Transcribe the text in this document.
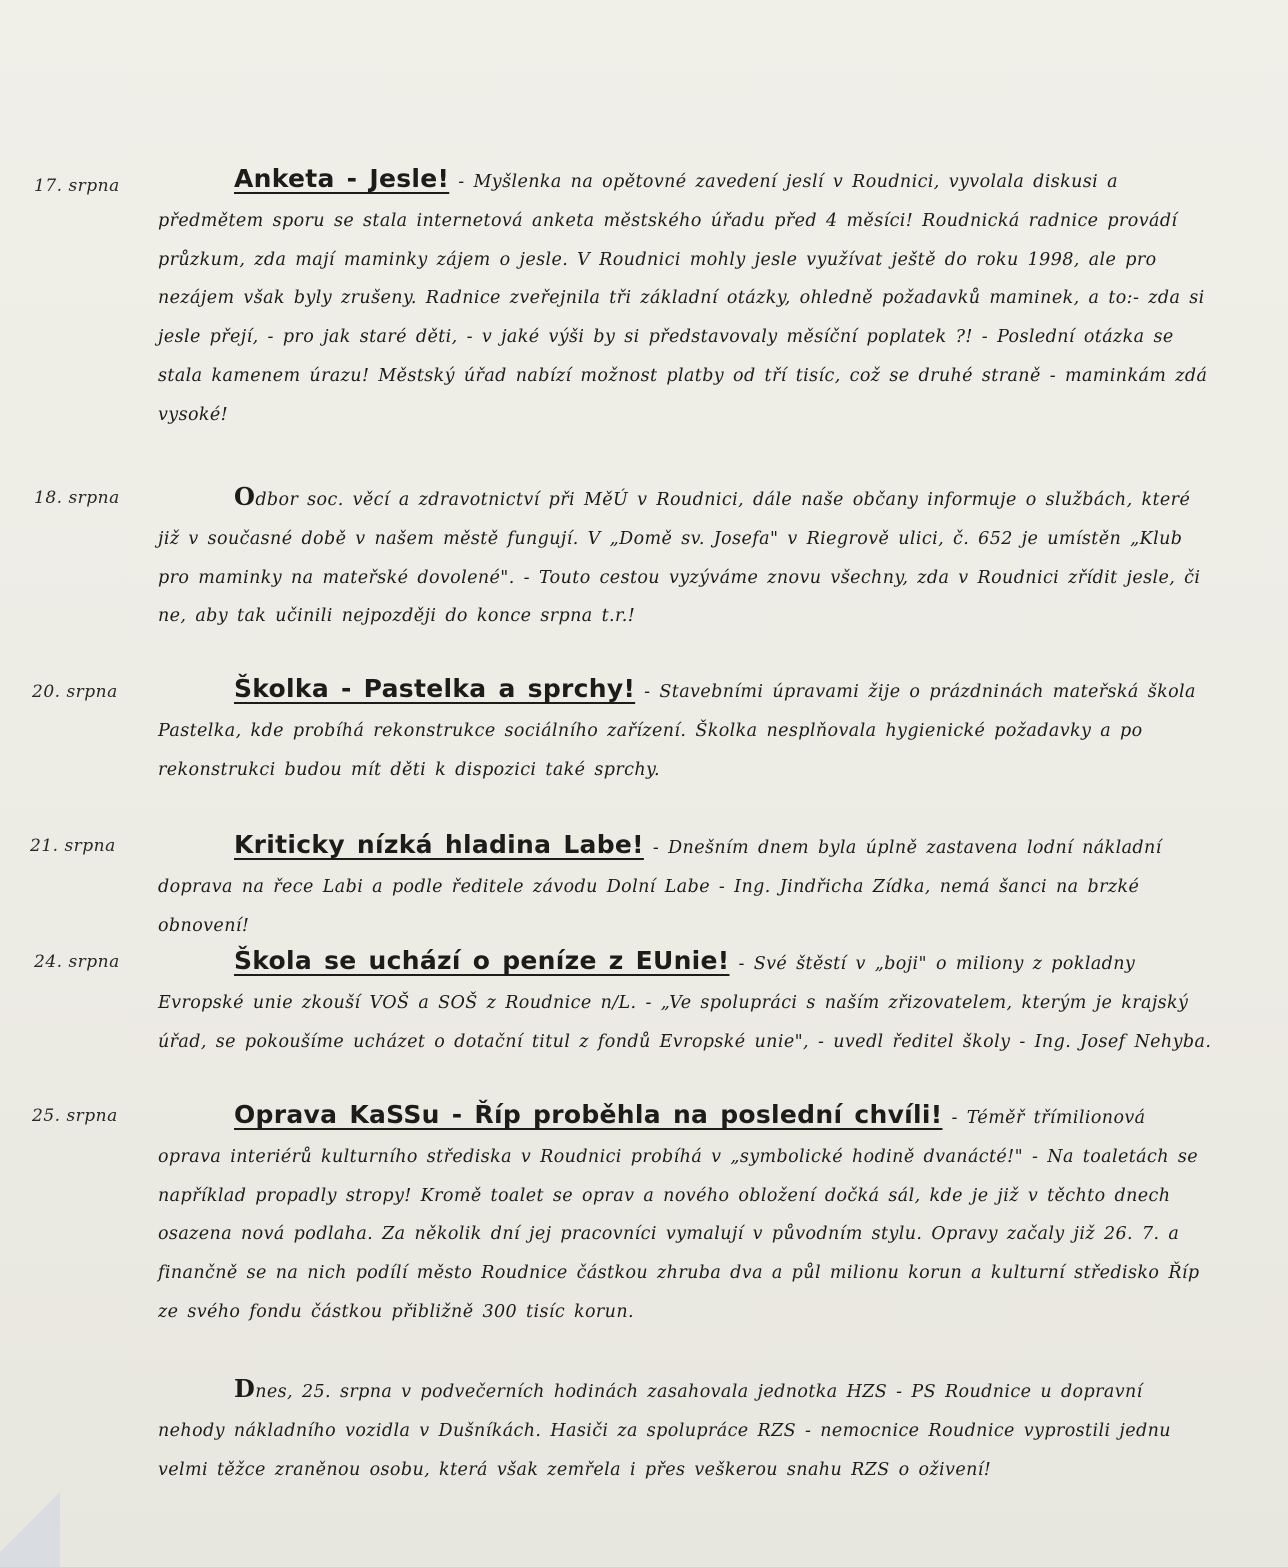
17. srpna	Anketa - Jesle! - Myšlenka na opětovné zavedení jeslí v Roudnici, vyvolala diskusi a předmětem sporu se stala internetová anketa městského úřadu před 4 měsíci! Roudnická radnice provádí průzkum, zda mají maminky zájem o jesle. V Roudnici mohly jesle využívat ještě do roku 1998, ale pro nezájem však byly zrušeny. Radnice zveřejnila tři základní otázky, ohledně požadavků maminek, a to:- zda si jesle přejí, - pro jak staré děti, - v jaké výši by si představovaly měsíční poplatek ?! - Poslední otázka se stala kamenem úrazu! Městský úřad nabízí možnost platby od tří tisíc, což se druhé straně - maminkám zdá vysoké!
18. srpna	Odbor soc. věcí a zdravotnictví při MěÚ v Roudnici, dále naše občany informuje o službách, které již v současné době v našem městě fungují. V „Domě sv. Josefa" v Riegrově ulici, č. 652 je umístěn „Klub pro maminky na mateřské dovolené". - Touto cestou vyzýváme znovu všechny, zda v Roudnici zřídit jesle, či ne, aby tak učinili nejpozději do konce srpna t.r.!
20. srpna	Školka - Pastelka a sprchy! - Stavebními úpravami žije o prázdninách mateřská škola Pastelka, kde probíhá rekonstrukce sociálního zařízení. Školka nesplňovala hygienické požadavky a po rekonstrukci budou mít děti k dispozici také sprchy.
21. srpna	Kriticky nízká hladina Labe! - Dnešním dnem byla úplně zastavena lodní nákladní doprava na řece Labi a podle ředitele závodu Dolní Labe - Ing. Jindřicha Zídka, nemá šanci na brzké obnovení!
24. srpna	Škola se uchází o peníze z EUnie! - Své štěstí v „boji" o miliony z pokladny Evropské unie zkouší VOŠ a SOŠ z Roudnice n/L. - „Ve spolupráci s naším zřizovatelem, kterým je krajský úřad, se pokoušíme ucházet o dotační titul z fondů Evropské unie", - uvedl ředitel školy - Ing. Josef Nehyba.
25. srpna	Oprava KaSSu - Říp proběhla na poslední chvíli! - Téměř třímilionová oprava interiérů kulturního střediska v Roudnici probíhá v „symbolické hodině dvanácté!" - Na toaletách se například propadly stropy! Kromě toalet se oprav a nového obložení dočká sál, kde je již v těchto dnech osazena nová podlaha. Za několik dní jej pracovníci vymalují v původním stylu. Opravy začaly již 26. 7. a finančně se na nich podílí město Roudnice částkou zhruba dva a půl milionu korun a kulturní středisko Říp ze svého fondu částkou přibližně 300 tisíc korun.
Dnes, 25. srpna v podvečerních hodinách zasahovala jednotka HZS - PS Roudnice u dopravní nehody nákladního vozidla v Dušníkách. Hasiči za spolupráce RZS - nemocnice Roudnice vyprostili jednu velmi těžce zraněnou osobu, která však zemřela i přes veškerou snahu RZS o oživení!
